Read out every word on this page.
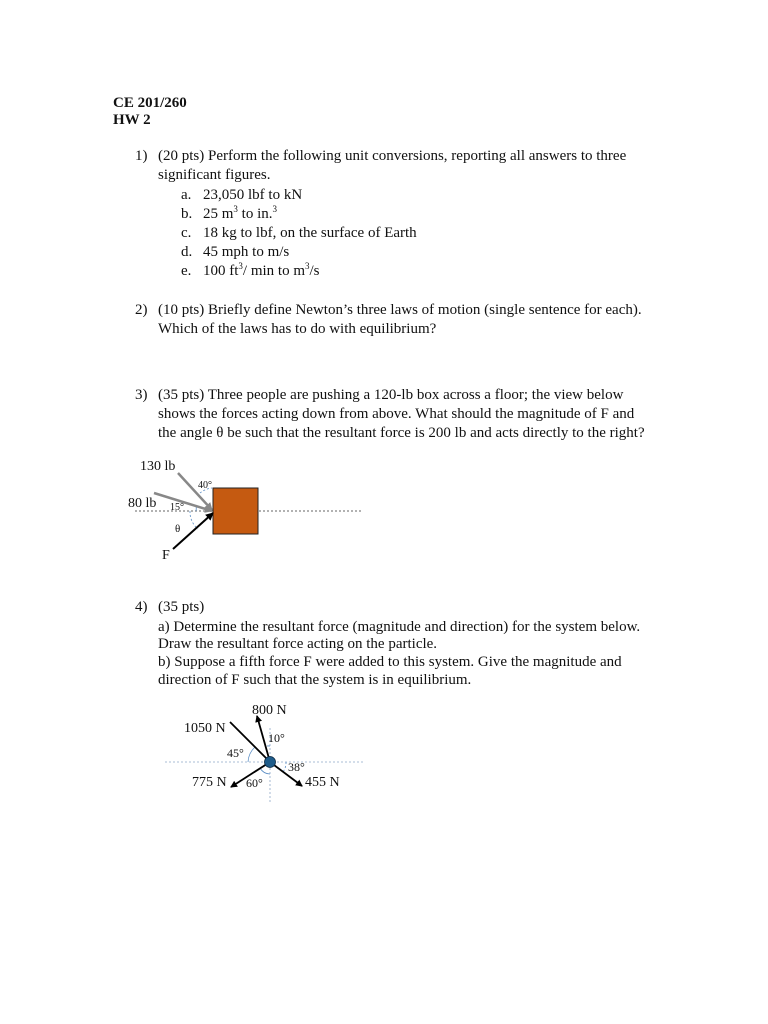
CE 201/260
HW 2
1) (20 pts) Perform the following unit conversions, reporting all answers to three
significant figures.
a. 23,050 lbf to kN
b. 25 $m^3$ to in.$^3$
c. 18 kg to lbf, on the surface of Earth
d. 45 mph to m/s
e. 100 $ft^3/$ min to $m^3/s$
2) (10 pts) Briefly define Newton’s three laws of motion (single sentence for each).
Which of the laws has to do with equilibrium?
3) (35 pts) Three people are pushing a 120-lb box across a floor; the view below
shows the forces acting down from above. What should the magnitude of F and
the angle θ be such that the resultant force is 200 lb and acts directly to the right?
130 lb
80 lb
F
40°
15°
θ
4) (35 pts)
a) Determine the resultant force (magnitude and direction) for the system below.
Draw the resultant force acting on the particle.
b) Suppose a fifth force F were added to this system. Give the magnitude and
direction of F such that the system is in equilibrium.
800 N
1050 N
775 N	455 N
10°
45°
60°
38°
